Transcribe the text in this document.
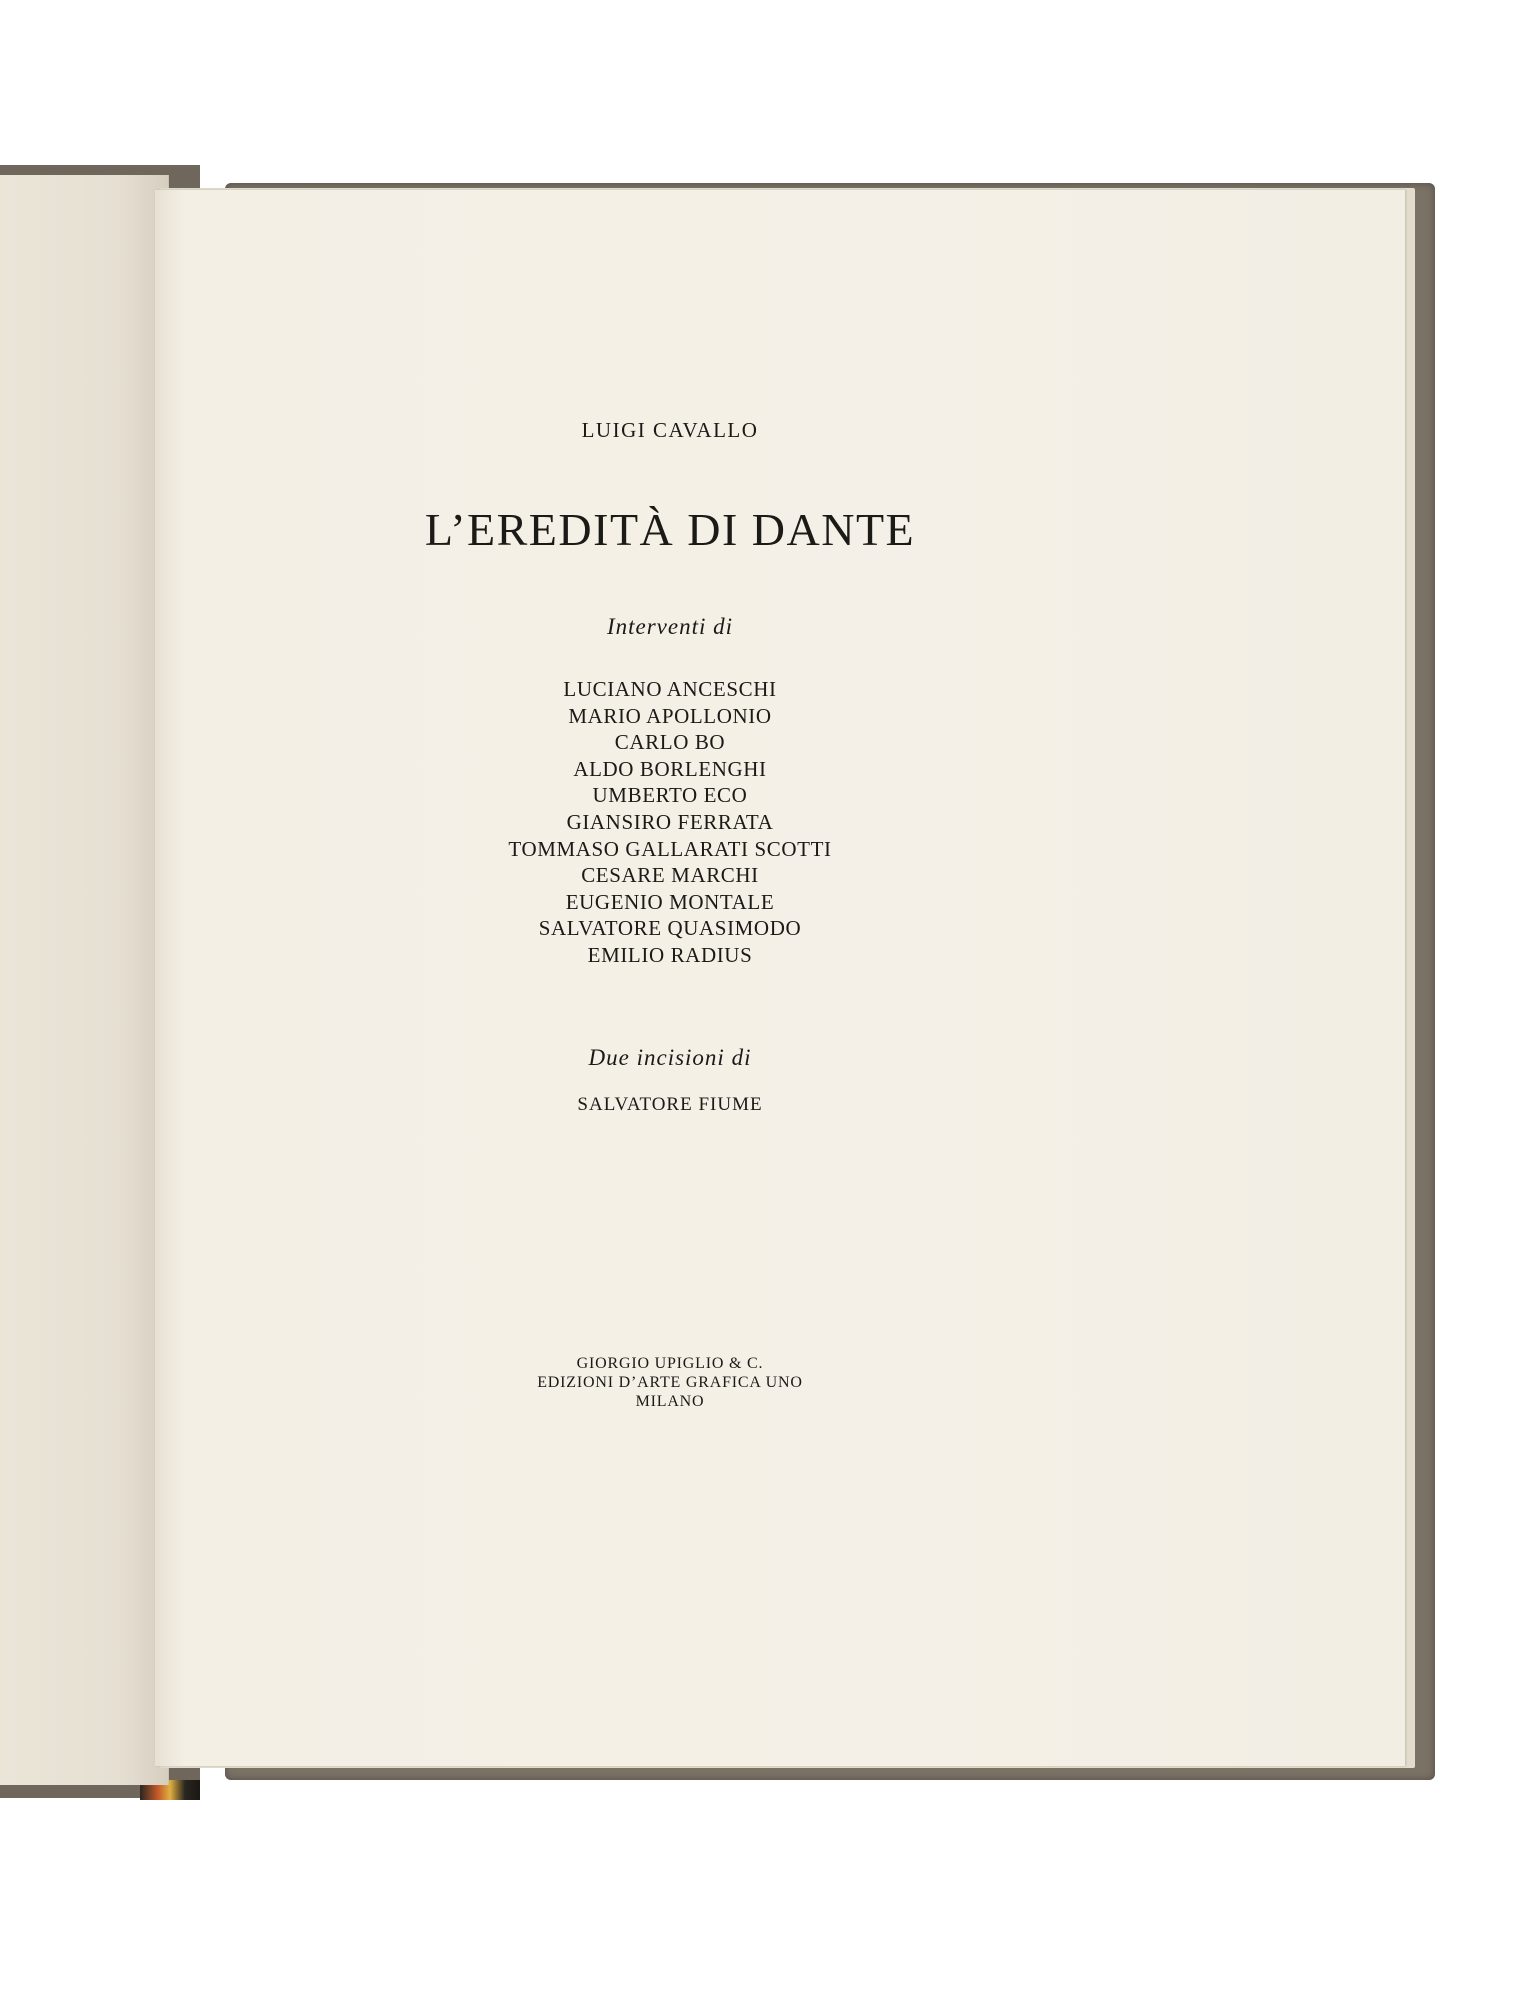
LUIGI CAVALLO
L’EREDITÀ DI DANTE
Interventi di
LUCIANO ANCESCHI
MARIO APOLLONIO
CARLO BO
ALDO BORLENGHI
UMBERTO ECO
GIANSIRO FERRATA
TOMMASO GALLARATI SCOTTI
CESARE MARCHI
EUGENIO MONTALE
SALVATORE QUASIMODO
EMILIO RADIUS
Due incisioni di
SALVATORE FIUME
GIORGIO UPIGLIO & C.
EDIZIONI D’ARTE GRAFICA UNO
MILANO
